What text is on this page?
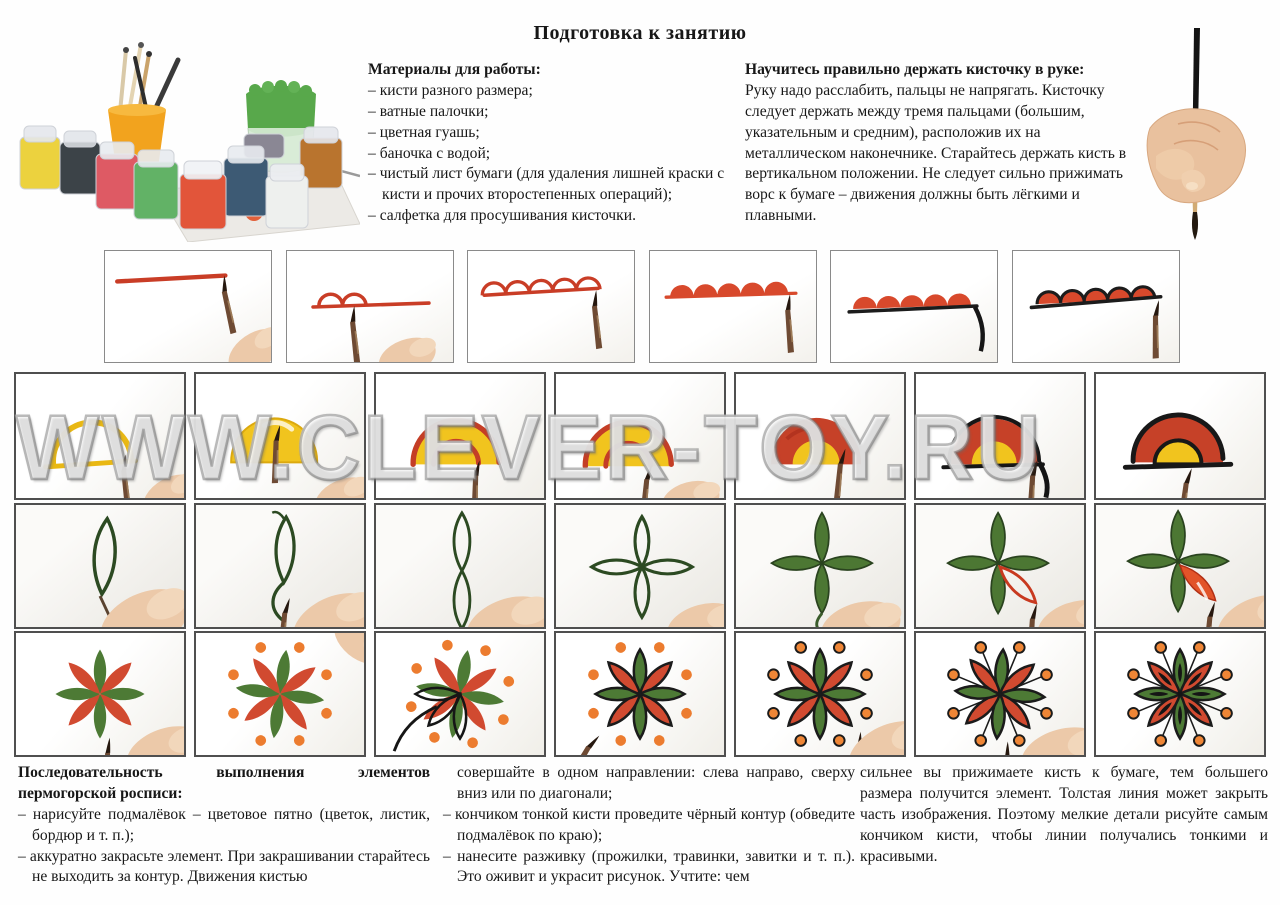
Подготовка к занятию

Материалы для работы:

– кисти разного размера;

– ватные палочки;

– цветная гуашь;

– баночка с водой;

– чистый лист бумаги (для удаления лишней краски с кисти и прочих второстепенных операций);

– салфетка для просушивания кисточки.

Научитесь правильно держать кисточку в руке:

Руку надо расслабить, пальцы не напрягать. Кисточку следует держать между тремя пальцами (большим, указательным и средним), расположив их на металлическом наконечнике. Старайтесь держать кисть в вертикальном положении. Не следует сильно прижимать ворс к бумаге – движения должны быть лёгкими и плавными.

WWW.CLEVER-TOY.RU

Последовательность выполнения элементов пермогорской росписи:

– нарисуйте подмалёвок – цветовое пятно (цветок, листик, бордюр и т. п.);

– аккуратно закрасьте элемент. При закрашивании старайтесь не выходить за контур. Движения кистью

совершайте в одном направлении: слева направо, сверху вниз или по диагонали;

– кончиком тонкой кисти проведите чёрный контур (обведите подмалёвок по краю);

– нанесите разживку (прожилки, травинки, завитки и т. п.). Это оживит и украсит рисунок. Учтите: чем

сильнее вы прижимаете кисть к бумаге, тем большего размера получится элемент. Толстая линия может закрыть часть изображения. Поэтому мелкие детали рисуйте самым кончиком кисти, чтобы линии получались тонкими и красивыми.
